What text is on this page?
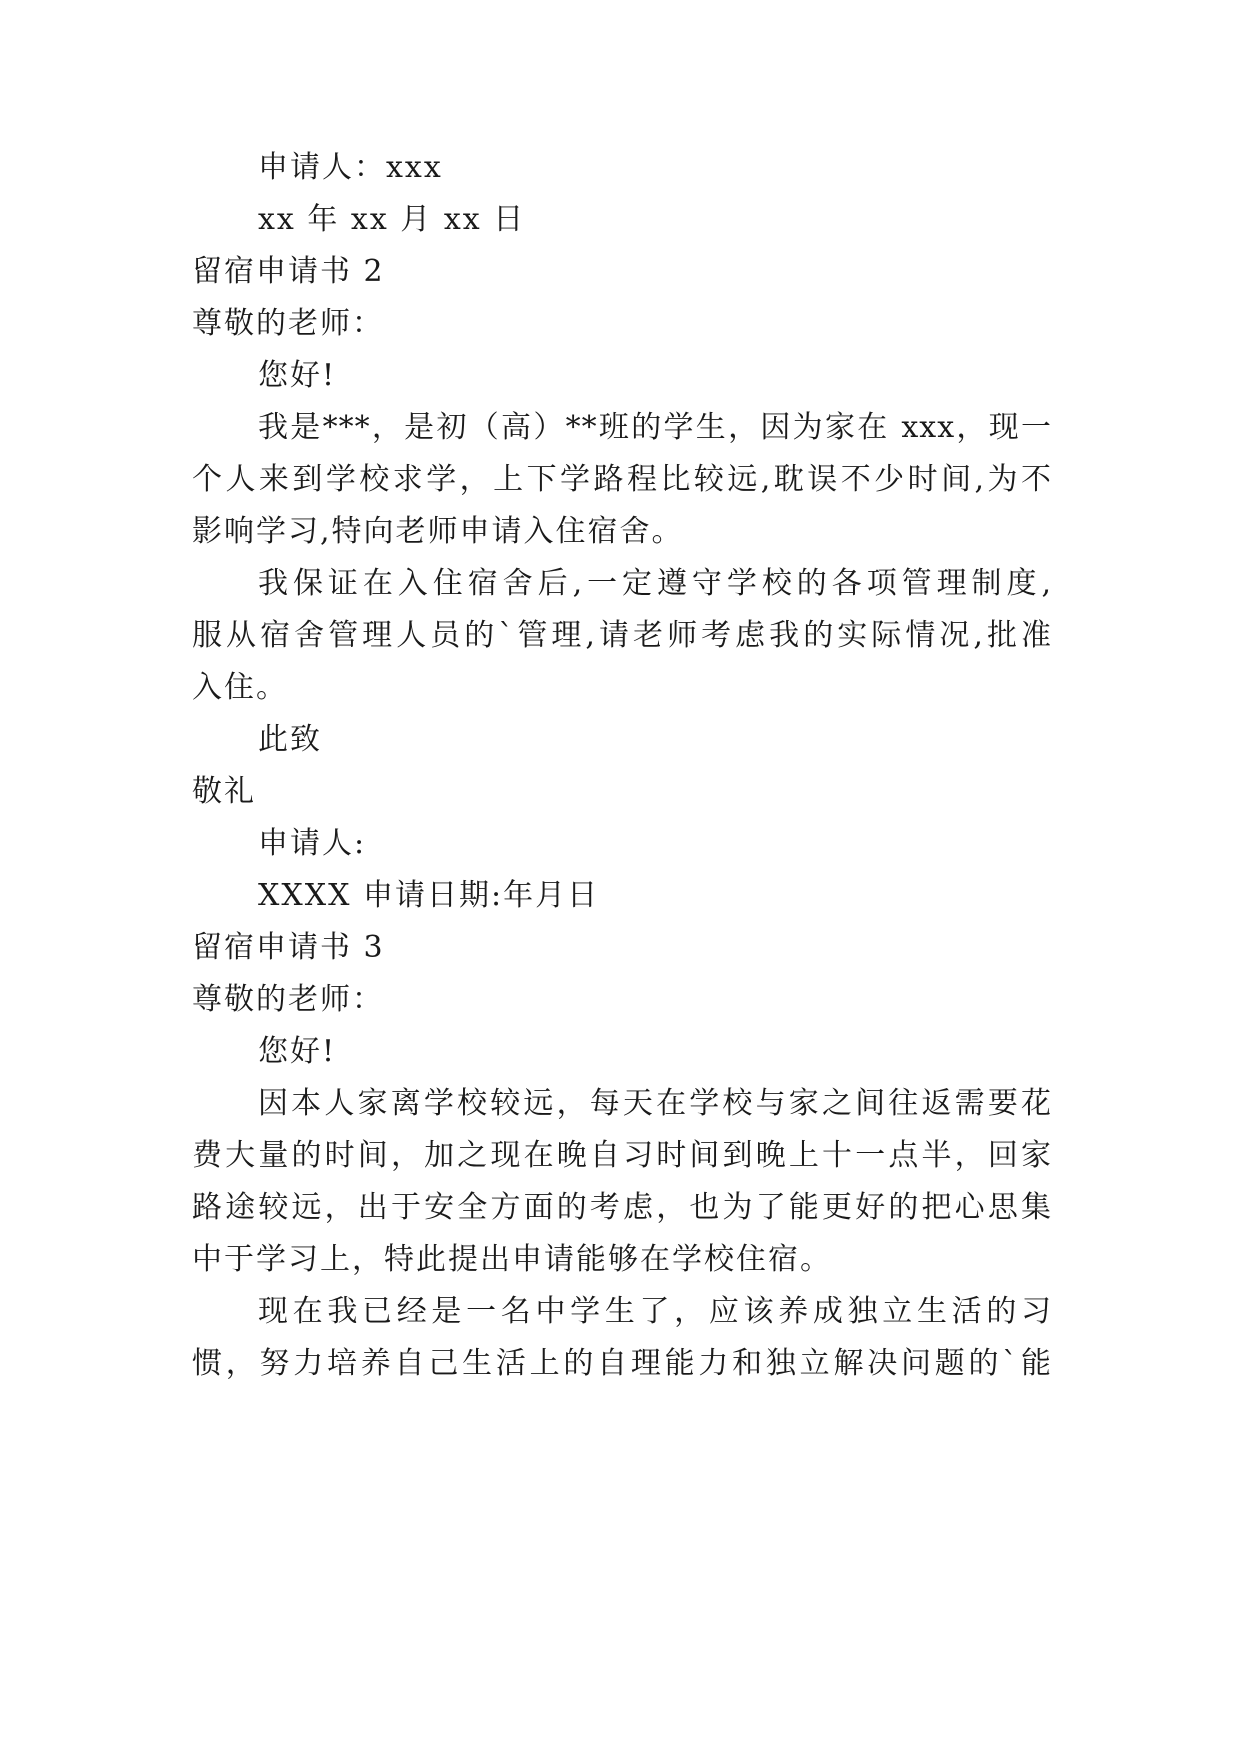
申请人：xxx
xx 年 xx 月 xx 日
留宿申请书 2
尊敬的老师：
您好!
我是***，是初（高）**班的学生，因为家在 xxx，现一
个人来到学校求学，上下学路程比较远,耽误不少时间,为不
影响学习,特向老师申请入住宿舍。
我保证在入住宿舍后,一定遵守学校的各项管理制度,
服从宿舍管理人员的`管理,请老师考虑我的实际情况,批准
入住。
此致
敬礼
申请人:
XXXX 申请日期:年月日
留宿申请书 3
尊敬的老师：
您好!
因本人家离学校较远，每天在学校与家之间往返需要花
费大量的时间，加之现在晚自习时间到晚上十一点半，回家
路途较远，出于安全方面的考虑，也为了能更好的把心思集
中于学习上，特此提出申请能够在学校住宿。
现在我已经是一名中学生了，应该养成独立生活的习
惯，努力培养自己生活上的自理能力和独立解决问题的`能
